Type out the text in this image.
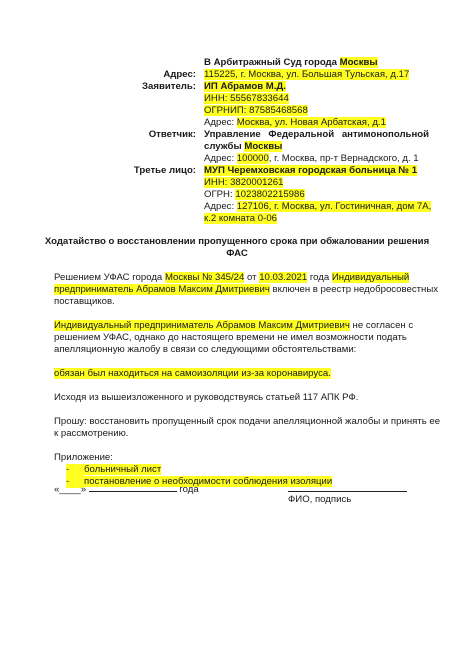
В Арбитражный Суд города Москвы
Адрес: 115225, г. Москва, ул. Большая Тульская, д.17
Заявитель: ИП Абрамов М.Д.
ИНН: 55567833644
ОГРНИП: 87585468568
Адрес: Москва, ул. Новая Арбатская, д.1
Ответчик: Управление Федеральной антимонопольной
службы Москвы
Адрес: 100000, г. Москва, пр-т Вернадского, д. 1
Третье лицо: МУП Черемховская городская больница № 1
ИНН: 3820001261
ОГРН: 1023802215986
Адрес: 127106, г. Москва, ул. Гостиничная, дом 7А,
к.2 комната 0-06
Ходатайство о восстановлении пропущенного срока при обжаловании решения
ФАС
Решением УФАС города Москвы № 345/24 от 10.03.2021 года Индивидуальный
предприниматель Абрамов Максим Дмитриевич включен в реестр недобросовестных
поставщиков.
Индивидуальный предприниматель Абрамов Максим Дмитриевич не согласен с
решением УФАС, однако до настоящего времени не имел возможности подать
апелляционную жалобу в связи со следующими обстоятельствами:
обязан был находиться на самоизоляции из-за коронавируса.
Исходя из вышеизложенного и руководствуясь статьей 117 АПК РФ.
Прошу: восстановить пропущенный срок подачи апелляционной жалобы и принять ее
к рассмотрению.
Приложение:
- больничный лист
- постановление о необходимости соблюдения изоляции
«____»	года
ФИО, подпись
